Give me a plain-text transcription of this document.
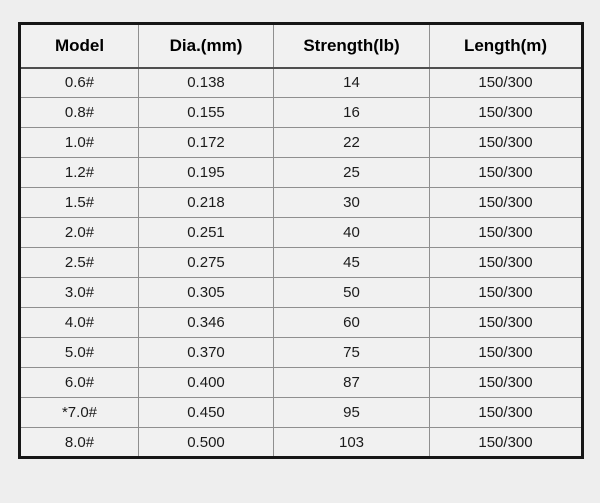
Model	Dia.(mm)	Strength(lb)	Length(m)
0.6#	0.138	14	150/300
0.8#	0.155	16	150/300
1.0#	0.172	22	150/300
1.2#	0.195	25	150/300
1.5#	0.218	30	150/300
2.0#	0.251	40	150/300
2.5#	0.275	45	150/300
3.0#	0.305	50	150/300
4.0#	0.346	60	150/300
5.0#	0.370	75	150/300
6.0#	0.400	87	150/300
*7.0#	0.450	95	150/300
8.0#	0.500	103	150/300
